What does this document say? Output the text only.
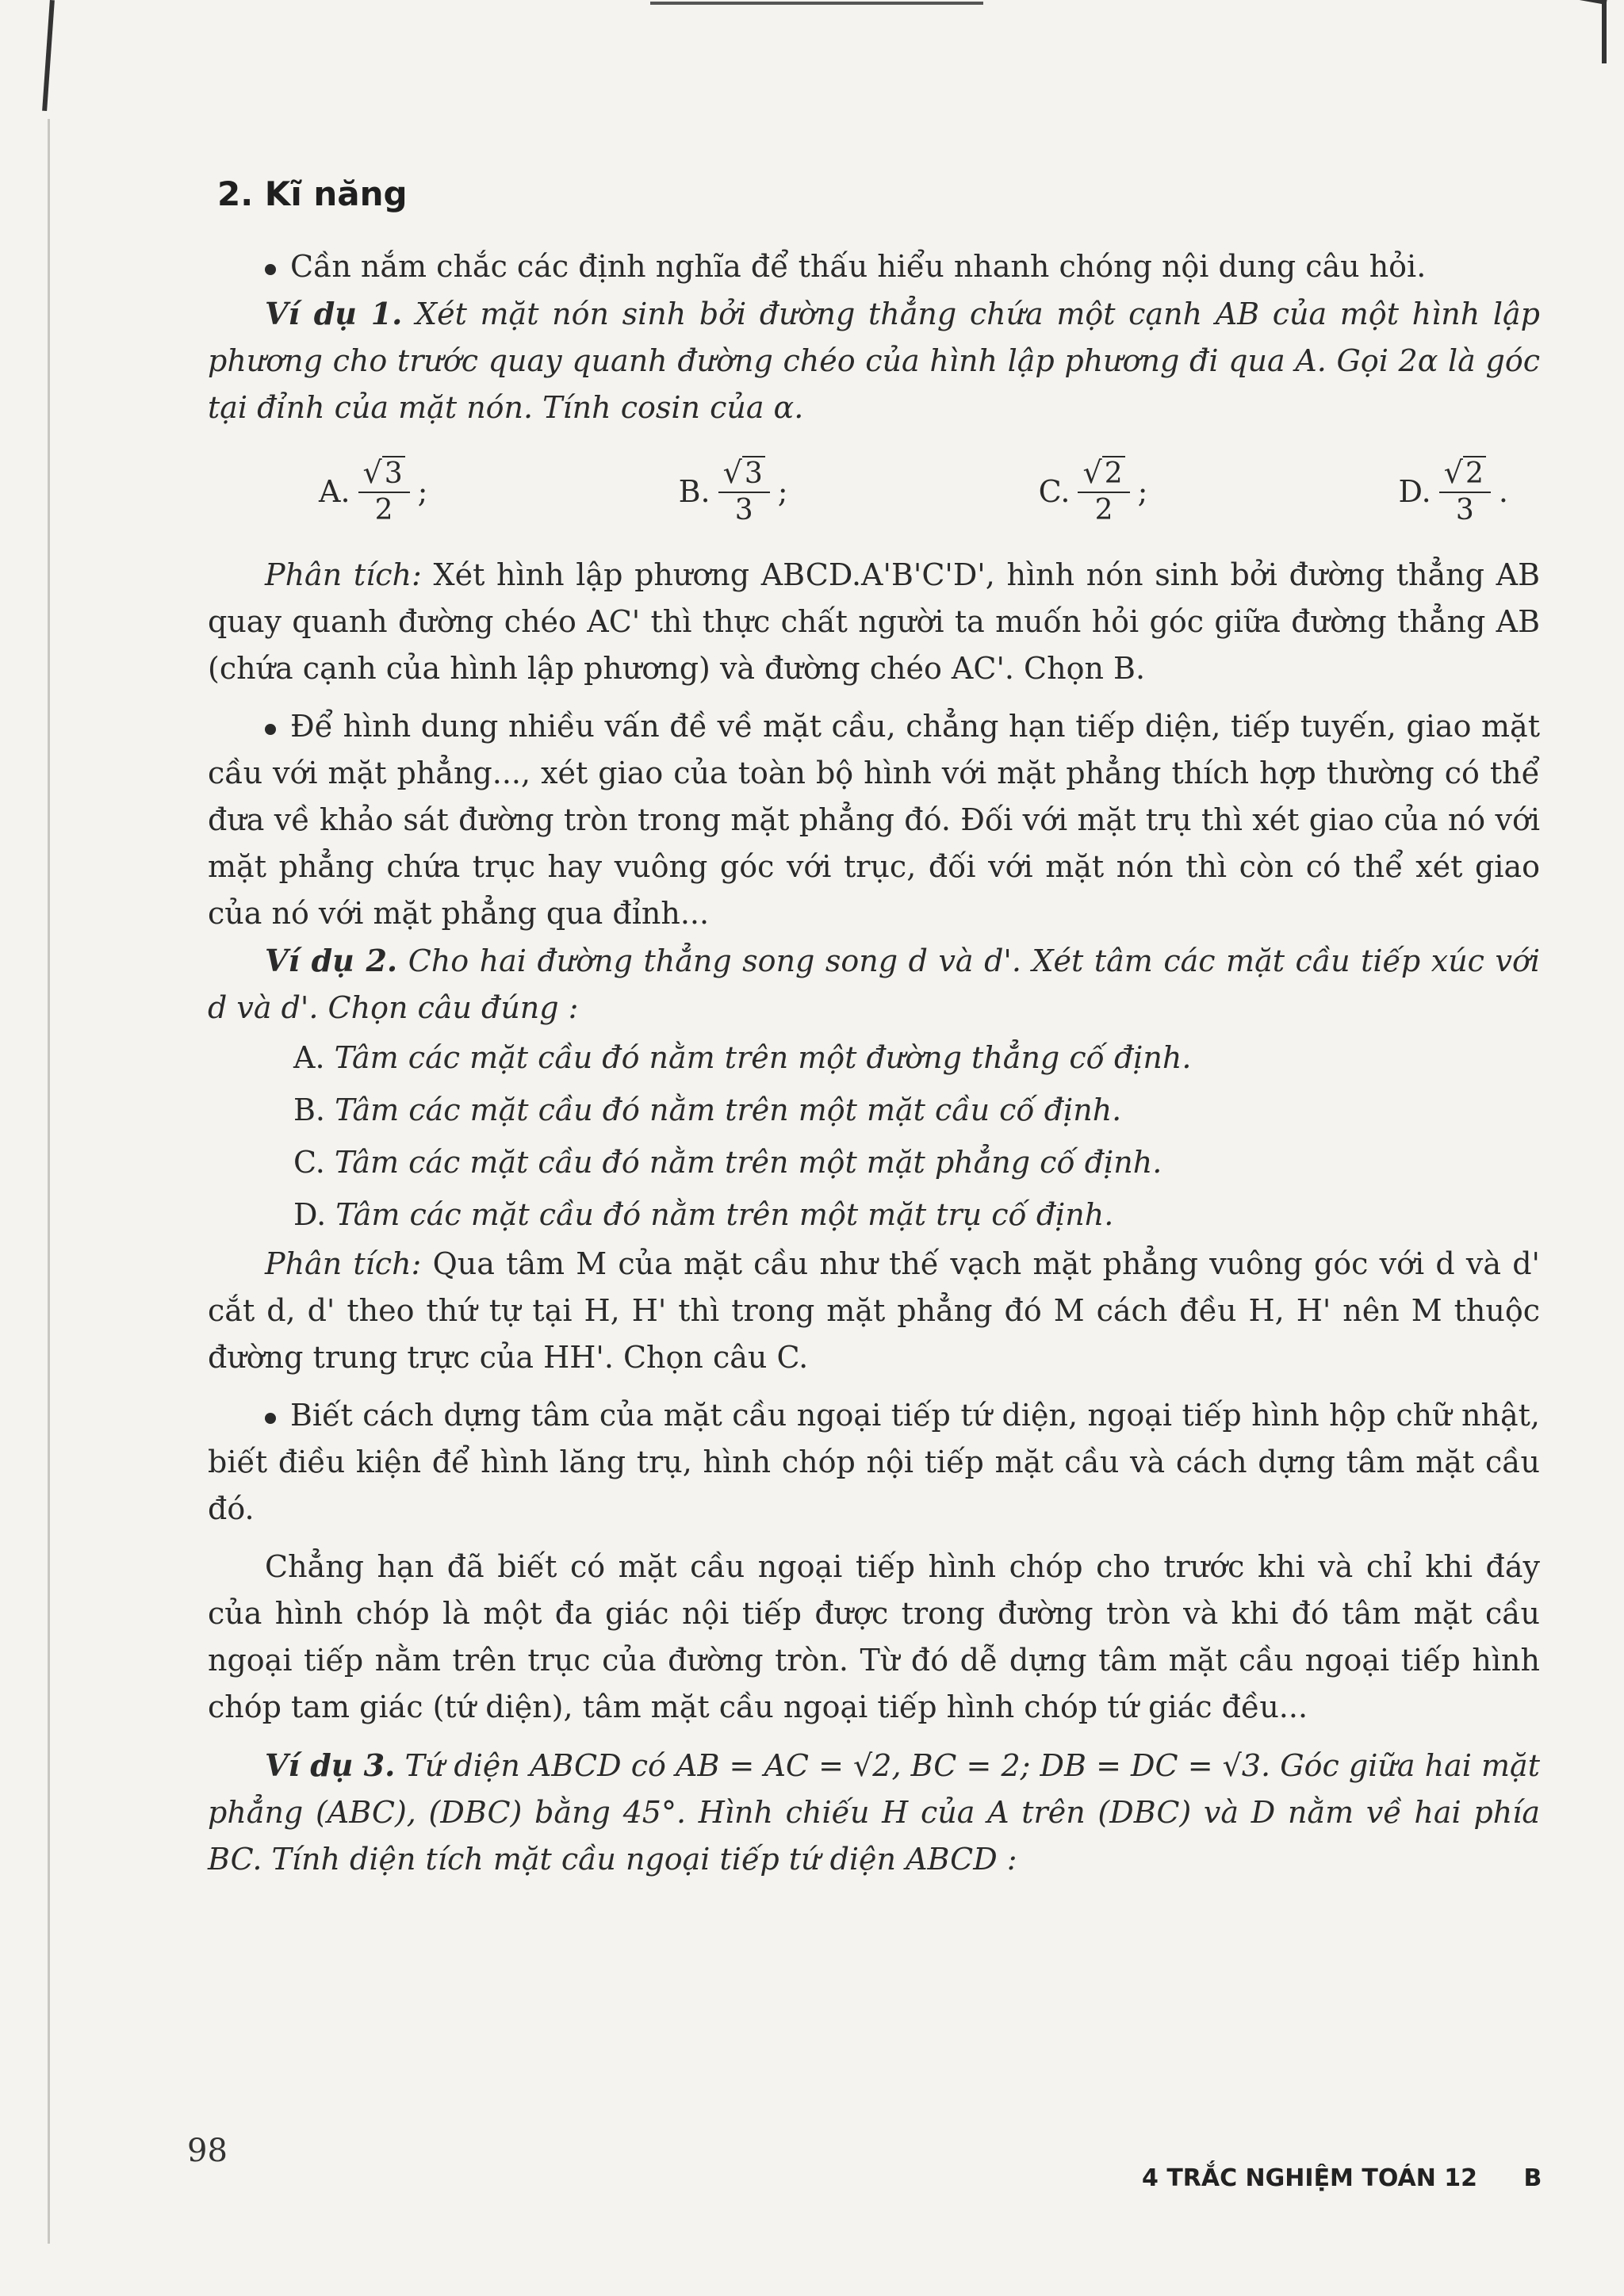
2. Kĩ năng

Cần nắm chắc các định nghĩa để thấu hiểu nhanh chóng nội dung câu hỏi.

Ví dụ 1. Xét mặt nón sinh bởi đường thẳng chứa một cạnh AB của một hình lập phương cho trước quay quanh đường chéo của hình lập phương đi qua A. Gọi 2α là góc tại đỉnh của mặt nón. Tính cosin của α.

A. $\frac{√3}{2}$ ;	B. $\frac{√3}{3}$ ;	C. $\frac{√2}{2}$ ;	D. $\frac{√2}{3}$ .

Phân tích: Xét hình lập phương ABCD.A'B'C'D', hình nón sinh bởi đường thẳng AB quay quanh đường chéo AC' thì thực chất người ta muốn hỏi góc giữa đường thẳng AB (chứa cạnh của hình lập phương) và đường chéo AC'. Chọn B.

Để hình dung nhiều vấn đề về mặt cầu, chẳng hạn tiếp diện, tiếp tuyến, giao mặt cầu với mặt phẳng..., xét giao của toàn bộ hình với mặt phẳng thích hợp thường có thể đưa về khảo sát đường tròn trong mặt phẳng đó. Đối với mặt trụ thì xét giao của nó với mặt phẳng chứa trục hay vuông góc với trục, đối với mặt nón thì còn có thể xét giao của nó với mặt phẳng qua đỉnh...

Ví dụ 2. Cho hai đường thẳng song song d và d'. Xét tâm các mặt cầu tiếp xúc với d và d'. Chọn câu đúng :

A. Tâm các mặt cầu đó nằm trên một đường thẳng cố định.
B. Tâm các mặt cầu đó nằm trên một mặt cầu cố định.
C. Tâm các mặt cầu đó nằm trên một mặt phẳng cố định.
D. Tâm các mặt cầu đó nằm trên một mặt trụ cố định.

Phân tích: Qua tâm M của mặt cầu như thế vạch mặt phẳng vuông góc với d và d' cắt d, d' theo thứ tự tại H, H' thì trong mặt phẳng đó M cách đều H, H' nên M thuộc đường trung trực của HH'. Chọn câu C.

Biết cách dựng tâm của mặt cầu ngoại tiếp tứ diện, ngoại tiếp hình hộp chữ nhật, biết điều kiện để hình lăng trụ, hình chóp nội tiếp mặt cầu và cách dựng tâm mặt cầu đó.

Chẳng hạn đã biết có mặt cầu ngoại tiếp hình chóp cho trước khi và chỉ khi đáy của hình chóp là một đa giác nội tiếp được trong đường tròn và khi đó tâm mặt cầu ngoại tiếp nằm trên trục của đường tròn. Từ đó dễ dựng tâm mặt cầu ngoại tiếp hình chóp tam giác (tứ diện), tâm mặt cầu ngoại tiếp hình chóp tứ giác đều...

Ví dụ 3. Tứ diện ABCD có AB = AC = √2, BC = 2; DB = DC = √3. Góc giữa hai mặt phẳng (ABC), (DBC) bằng 45°. Hình chiếu H của A trên (DBC) và D nằm về hai phía BC. Tính diện tích mặt cầu ngoại tiếp tứ diện ABCD :

98
4 TRẮC NGHIỆM TOÁN 12 B
